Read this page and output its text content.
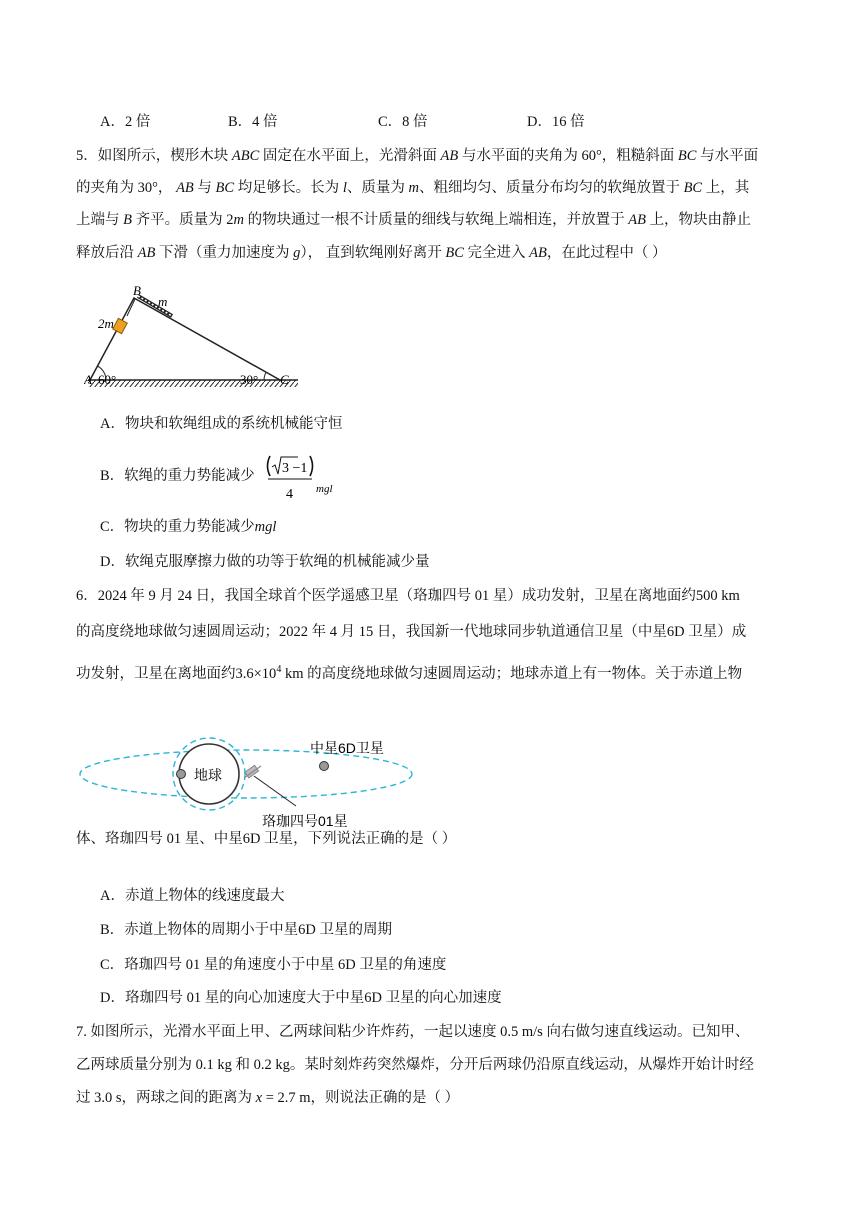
A．2 倍	B．4 倍	C．8 倍	D．16 倍
5．如图所示，楔形木块 ABC 固定在水平面上，光滑斜面 AB 与水平面的夹角为 60°，粗糙斜面 BC 与水平面
的夹角为 30°， AB 与 BC 均足够长。长为 l、质量为 m、粗细均匀、质量分布均匀的软绳放置于 BC 上，其
上端与 B 齐平。质量为 2m 的物块通过一根不计质量的细线与软绳上端相连，并放置于 AB 上，物块由静止
释放后沿 AB 下滑（重力加速度为 g）， 直到软绳刚好离开 BC 完全进入 AB，在此过程中（ ）
B
m
2m
A 60°	30° C
A．物块和软绳组成的系统机械能守恒
B．软绳的重力势能减少 3 −1
4 mgl
C．物块的重力势能减少mgl
D．软绳克服摩擦力做的功等于软绳的机械能减少量
6．2024 年 9 月 24 日，我国全球首个医学遥感卫星（珞珈四号 01 星）成功发射，卫星在离地面约500 km
的高度绕地球做匀速圆周运动；2022 年 4 月 15 日，我国新一代地球同步轨道通信卫星（中星6D 卫星）成
功发射，卫星在离地面约$3.6\times 10^4$ km 的高度绕地球做匀速圆周运动；地球赤道上有一物体。关于赤道上物
地球
中星6D卫星
珞珈四号01星
体、珞珈四号 01 星、中星6D 卫星，下列说法正确的是（ ）
A．赤道上物体的线速度最大
B．赤道上物体的周期小于中星6D 卫星的周期
C．珞珈四号 01 星的角速度小于中星 6D 卫星的角速度
D．珞珈四号 01 星的向心加速度大于中星6D 卫星的向心加速度
7. 如图所示，光滑水平面上甲、乙两球间粘少许炸药，一起以速度 0.5 m/s 向右做匀速直线运动。已知甲、
乙两球质量分别为 0.1 kg 和 0.2 kg。某时刻炸药突然爆炸，分开后两球仍沿原直线运动，从爆炸开始计时经
过 3.0 s，两球之间的距离为 x = 2.7 m，则说法正确的是（ ）
